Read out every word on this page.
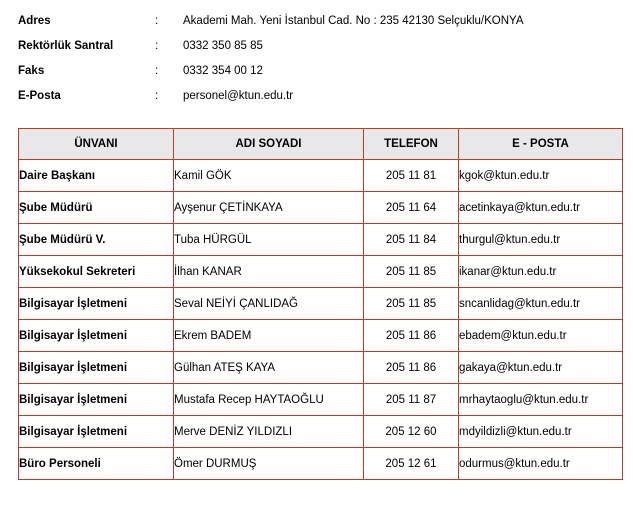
Adres	:	Akademi Mah. Yeni İstanbul Cad. No : 235 42130 Selçuklu/KONYA
Rektörlük Santral	:	0332 350 85 85
Faks	:	0332 354 00 12
E-Posta	:	personel@ktun.edu.tr
ÜNVANI	ADI SOYADI	TELEFON	E - POSTA
Daire Başkanı	Kamil GÖK	205 11 81	kgok@ktun.edu.tr
Şube Müdürü	Ayşenur ÇETİNKAYA	205 11 64	acetinkaya@ktun.edu.tr
Şube Müdürü V.	Tuba HÜRGÜL	205 11 84	thurgul@ktun.edu.tr
Yüksekokul Sekreteri	İlhan KANAR	205 11 85	ikanar@ktun.edu.tr
Bilgisayar İşletmeni	Seval NEİYİ ÇANLIDAĞ	205 11 85	sncanlidag@ktun.edu.tr
Bilgisayar İşletmeni	Ekrem BADEM	205 11 86	ebadem@ktun.edu.tr
Bilgisayar İşletmeni	Gülhan ATEŞ KAYA	205 11 86	gakaya@ktun.edu.tr
Bilgisayar İşletmeni	Mustafa Recep HAYTAOĞLU	205 11 87	mrhaytaoglu@ktun.edu.tr
Bilgisayar İşletmeni	Merve DENİZ YILDIZLI	205 12 60	mdyildizli@ktun.edu.tr
Büro Personeli	Ömer DURMUŞ	205 12 61	odurmus@ktun.edu.tr
